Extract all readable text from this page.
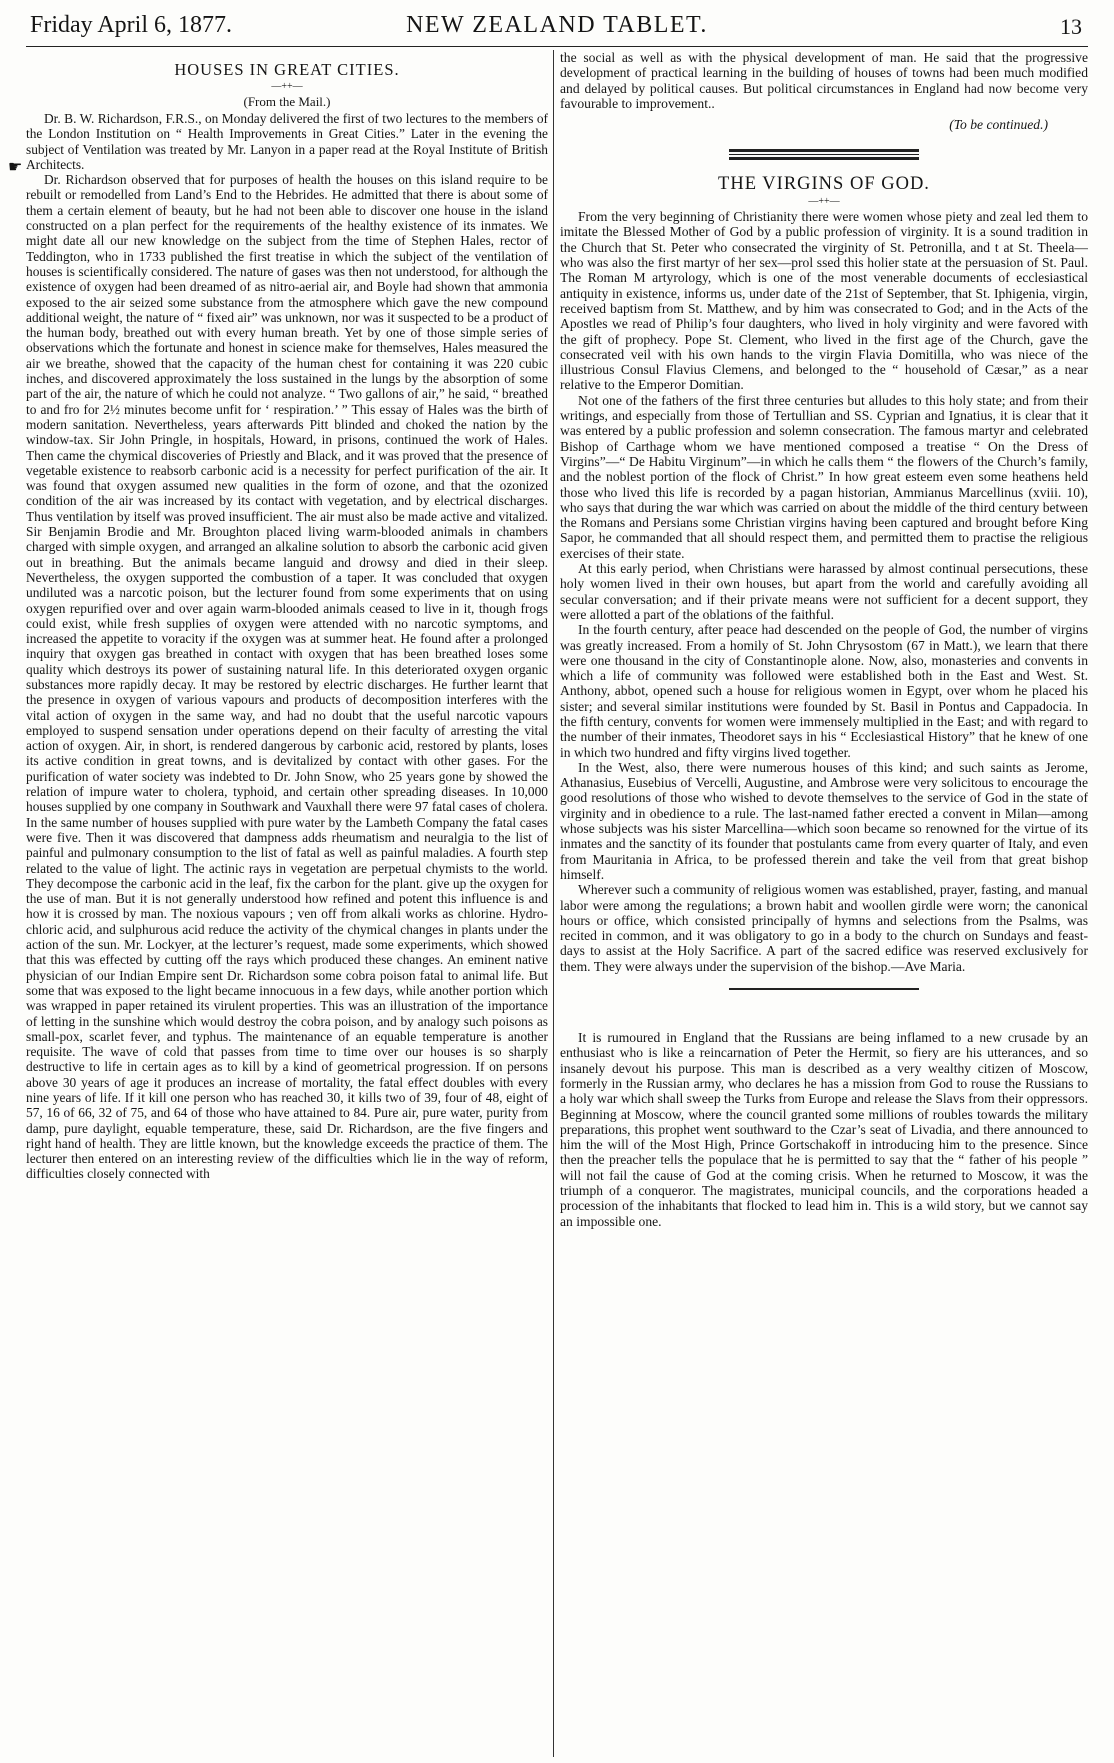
Friday April 6, 1877.	NEW ZEALAND TABLET.	13
☛
HOUSES IN GREAT CITIES.
—++—
(From the Mail.)

Dr. B. W. Richardson, F.R.S., on Monday delivered the first of two lectures to the members of the London Institution on “ Health Improvements in Great Cities.” Later in the evening the subject of Ventilation was treated by Mr. Lanyon in a paper read at the Royal Institute of British Architects.

Dr. Richardson observed that for purposes of health the houses on this island require to be rebuilt or remodelled from Land’s End to the Hebrides. He admitted that there is about some of them a certain element of beauty, but he had not been able to discover one house in the island constructed on a plan perfect for the requirements of the healthy existence of its inmates. We might date all our new knowledge on the subject from the time of Stephen Hales, rector of Teddington, who in 1733 published the first treatise in which the subject of the ventilation of houses is scientifically considered. The nature of gases was then not understood, for although the existence of oxygen had been dreamed of as nitro-aerial air, and Boyle had shown that ammonia exposed to the air seized some substance from the atmosphere which gave the new compound additional weight, the nature of “ fixed air” was unknown, nor was it suspected to be a product of the human body, breathed out with every human breath. Yet by one of those simple series of observations which the fortunate and honest in science make for themselves, Hales measured the air we breathe, showed that the capacity of the human chest for containing it was 220 cubic inches, and discovered approximately the loss sustained in the lungs by the absorption of some part of the air, the nature of which he could not analyze. “ Two gallons of air,” he said, “ breathed to and fro for 2½ minutes become unfit for ‘ respiration.’ ” This essay of Hales was the birth of modern sanitation. Nevertheless, years afterwards Pitt blinded and choked the nation by the window-tax. Sir John Pringle, in hospitals, Howard, in prisons, continued the work of Hales. Then came the chymical discoveries of Priestly and Black, and it was proved that the presence of vegetable existence to reabsorb carbonic acid is a necessity for perfect purification of the air. It was found that oxygen assumed new qualities in the form of ozone, and that the ozonized condition of the air was increased by its contact with vegetation, and by electrical discharges. Thus ventilation by itself was proved insufficient. The air must also be made active and vitalized. Sir Benjamin Brodie and Mr. Broughton placed living warm-blooded animals in chambers charged with simple oxygen, and arranged an alkaline solution to absorb the carbonic acid given out in breathing. But the animals became languid and drowsy and died in their sleep. Nevertheless, the oxygen supported the combustion of a taper. It was concluded that oxygen undiluted was a narcotic poison, but the lecturer found from some experiments that on using oxygen repurified over and over again warm-blooded animals ceased to live in it, though frogs could exist, while fresh supplies of oxygen were attended with no narcotic symptoms, and increased the appetite to voracity if the oxygen was at summer heat. He found after a prolonged inquiry that oxygen gas breathed in contact with oxygen that has been breathed loses some quality which destroys its power of sustaining natural life. In this deteriorated oxygen organic substances more rapidly decay. It may be restored by electric discharges. He further learnt that the presence in oxygen of various vapours and products of decomposition interferes with the vital action of oxygen in the same way, and had no doubt that the useful narcotic vapours employed to suspend sensation under operations depend on their faculty of arresting the vital action of oxygen. Air, in short, is rendered dangerous by carbonic acid, restored by plants, loses its active condition in great towns, and is devitalized by contact with other gases. For the purification of water society was indebted to Dr. John Snow, who 25 years gone by showed the relation of impure water to cholera, typhoid, and certain other spreading diseases. In 10,000 houses supplied by one company in Southwark and Vauxhall there were 97 fatal cases of cholera. In the same number of houses supplied with pure water by the Lambeth Company the fatal cases were five. Then it was discovered that dampness adds rheumatism and neuralgia to the list of painful and pulmonary consumption to the list of fatal as well as painful maladies. A fourth step related to the value of light. The actinic rays in vegetation are perpetual chymists to the world. They decompose the carbonic acid in the leaf, fix the carbon for the plant. give up the oxygen for the use of man. But it is not generally understood how refined and potent this influence is and how it is crossed by man. The noxious vapours ; ven off from alkali works as chlorine. Hydro-chloric acid, and sulphurous acid reduce the activity of the chymical changes in plants under the action of the sun. Mr. Lockyer, at the lecturer’s request, made some experiments, which showed that this was effected by cutting off the rays which produced these changes. An eminent native physician of our Indian Empire sent Dr. Richardson some cobra poison fatal to animal life. But some that was exposed to the light became innocuous in a few days, while another portion which was wrapped in paper retained its virulent properties. This was an illustration of the importance of letting in the sunshine which would destroy the cobra poison, and by analogy such poisons as small-pox, scarlet fever, and typhus. The maintenance of an equable temperature is another requisite. The wave of cold that passes from time to time over our houses is so sharply destructive to life in certain ages as to kill by a kind of geometrical progression. If on persons above 30 years of age it produces an increase of mortality, the fatal effect doubles with every nine years of life. If it kill one person who has reached 30, it kills two of 39, four of 48, eight of 57, 16 of 66, 32 of 75, and 64 of those who have attained to 84. Pure air, pure water, purity from damp, pure daylight, equable temperature, these, said Dr. Richardson, are the five fingers and right hand of health. They are little known, but the knowledge exceeds the practice of them. The lecturer then entered on an interesting review of the difficulties which lie in the way of reform, difficulties closely connected with

the social as well as with the physical development of man. He said that the progressive development of practical learning in the building of houses of towns had been much modified and delayed by political causes. But political circumstances in England had now become very favourable to improvement..

(To be continued.)
THE VIRGINS OF GOD.
—++—

From the very beginning of Christianity there were women whose piety and zeal led them to imitate the Blessed Mother of God by a public profession of virginity. It is a sound tradition in the Church that St. Peter who consecrated the virginity of St. Petronilla, and t at St. Theela—who was also the first martyr of her sex—prol ssed this holier state at the persuasion of St. Paul. The Roman M artyrology, which is one of the most venerable documents of ecclesiastical antiquity in existence, informs us, under date of the 21st of September, that St. Iphigenia, virgin, received baptism from St. Matthew, and by him was consecrated to God; and in the Acts of the Apostles we read of Philip’s four daughters, who lived in holy virginity and were favored with the gift of prophecy. Pope St. Clement, who lived in the first age of the Church, gave the consecrated veil with his own hands to the virgin Flavia Domitilla, who was niece of the illustrious Consul Flavius Clemens, and belonged to the “ household of Cæsar,” as a near relative to the Emperor Domitian.

Not one of the fathers of the first three centuries but alludes to this holy state; and from their writings, and especially from those of Tertullian and SS. Cyprian and Ignatius, it is clear that it was entered by a public profession and solemn consecration. The famous martyr and celebrated Bishop of Carthage whom we have mentioned composed a treatise “ On the Dress of Virgins”—“ De Habitu Virginum”—in which he calls them “ the flowers of the Church’s family, and the noblest portion of the flock of Christ.” In how great esteem even some heathens held those who lived this life is recorded by a pagan historian, Ammianus Marcellinus (xviii. 10), who says that during the war which was carried on about the middle of the third century between the Romans and Persians some Christian virgins having been captured and brought before King Sapor, he commanded that all should respect them, and permitted them to practise the religious exercises of their state.

At this early period, when Christians were harassed by almost continual persecutions, these holy women lived in their own houses, but apart from the world and carefully avoiding all secular conversation; and if their private means were not sufficient for a decent support, they were allotted a part of the oblations of the faithful.

In the fourth century, after peace had descended on the people of God, the number of virgins was greatly increased. From a homily of St. John Chrysostom (67 in Matt.), we learn that there were one thousand in the city of Constantinople alone. Now, also, monasteries and convents in which a life of community was followed were established both in the East and West. St. Anthony, abbot, opened such a house for religious women in Egypt, over whom he placed his sister; and several similar institutions were founded by St. Basil in Pontus and Cappadocia. In the fifth century, convents for women were immensely multiplied in the East; and with regard to the number of their inmates, Theodoret says in his “ Ecclesiastical History” that he knew of one in which two hundred and fifty virgins lived together.

In the West, also, there were numerous houses of this kind; and such saints as Jerome, Athanasius, Eusebius of Vercelli, Augustine, and Ambrose were very solicitous to encourage the good resolutions of those who wished to devote themselves to the service of God in the state of virginity and in obedience to a rule. The last-named father erected a convent in Milan—among whose subjects was his sister Marcellina—which soon became so renowned for the virtue of its inmates and the sanctity of its founder that postulants came from every quarter of Italy, and even from Mauritania in Africa, to be professed therein and take the veil from that great bishop himself.

Wherever such a community of religious women was established, prayer, fasting, and manual labor were among the regulations; a brown habit and woollen girdle were worn; the canonical hours or office, which consisted principally of hymns and selections from the Psalms, was recited in common, and it was obligatory to go in a body to the church on Sundays and feast-days to assist at the Holy Sacrifice. A part of the sacred edifice was reserved exclusively for them. They were always under the supervision of the bishop.—Ave Maria.

It is rumoured in England that the Russians are being inflamed to a new crusade by an enthusiast who is like a reincarnation of Peter the Hermit, so fiery are his utterances, and so insanely devout his purpose. This man is described as a very wealthy citizen of Moscow, formerly in the Russian army, who declares he has a mission from God to rouse the Russians to a holy war which shall sweep the Turks from Europe and release the Slavs from their oppressors. Beginning at Moscow, where the council granted some millions of roubles towards the military preparations, this prophet went southward to the Czar’s seat of Livadia, and there announced to him the will of the Most High, Prince Gortschakoff in introducing him to the presence. Since then the preacher tells the populace that he is permitted to say that the “ father of his people ” will not fail the cause of God at the coming crisis. When he returned to Moscow, it was the triumph of a conqueror. The magistrates, municipal councils, and the corporations headed a procession of the inhabitants that flocked to lead him in. This is a wild story, but we cannot say an impossible one.
